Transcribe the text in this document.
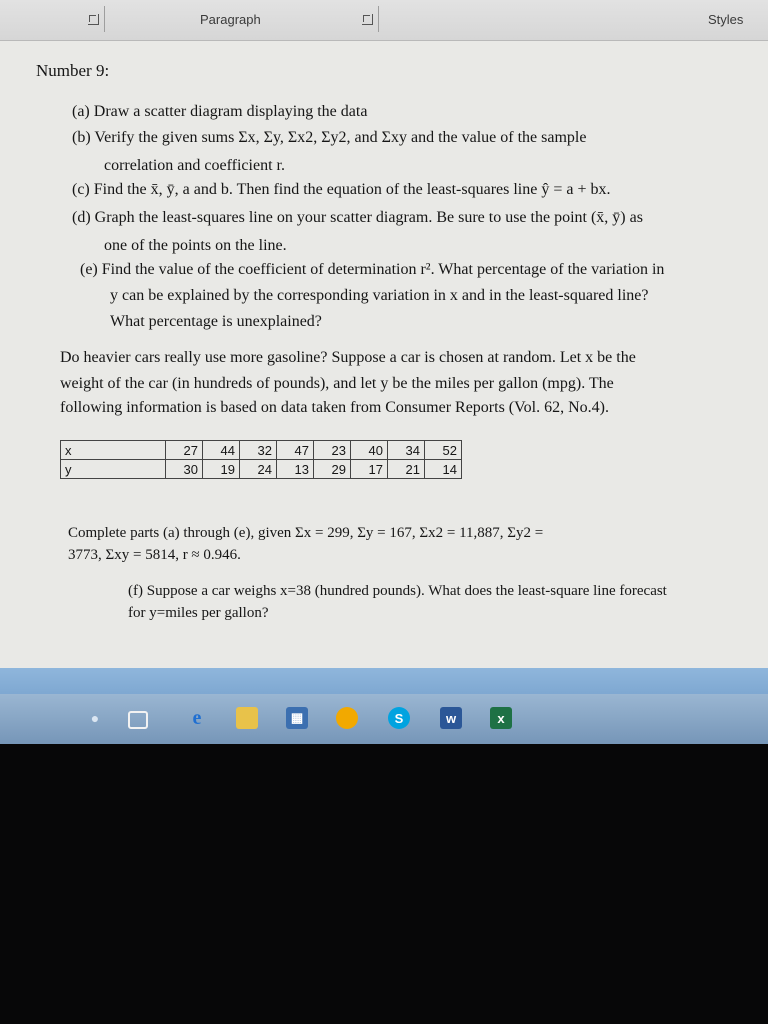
Paragraph	Styles
Number 9:
(a) Draw a scatter diagram displaying the data
(b) Verify the given sums Σx, Σy, Σx2, Σy2, and Σxy and the value of the sample
correlation and coefficient r.
(c) Find the x̄, ȳ, a and b. Then find the equation of the least-squares line ŷ = a + bx.
(d) Graph the least-squares line on your scatter diagram. Be sure to use the point (x̄, ȳ) as
one of the points on the line.
(e) Find the value of the coefficient of determination r². What percentage of the variation in
y can be explained by the corresponding variation in x and in the least-squared line?
What percentage is unexplained?
Do heavier cars really use more gasoline? Suppose a car is chosen at random. Let x be the
weight of the car (in hundreds of pounds), and let y be the miles per gallon (mpg). The
following information is based on data taken from Consumer Reports (Vol. 62, No.4).
x	27	44	32	47	23	40	34	52
y	30	19	24	13	29	17	21	14
Complete parts (a) through (e), given Σx = 299, Σy = 167, Σx2 = 11,887, Σy2 =
3773, Σxy = 5814, r ≈ 0.946.
(f) Suppose a car weighs x=38 (hundred pounds). What does the least-square line forecast
for y=miles per gallon?
●	e	▦	S	w	x
